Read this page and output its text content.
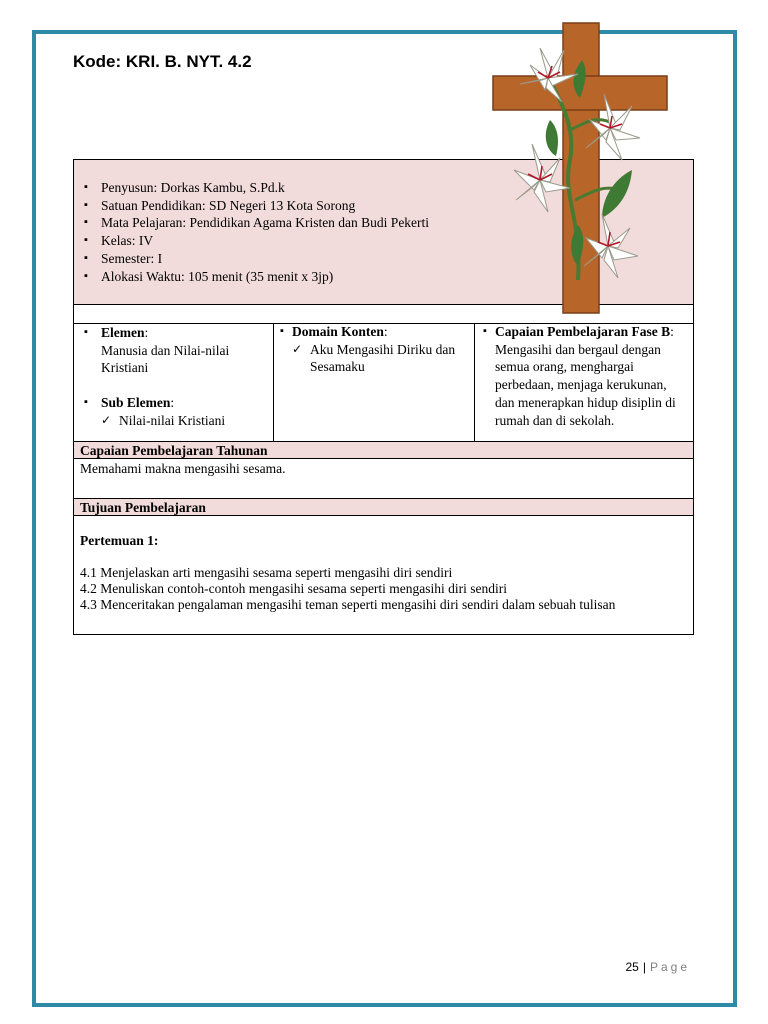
Kode: KRI. B. NYT. 4.2
▪ Penyusun: Dorkas Kambu, S.Pd.k
▪ Satuan Pendidikan: SD Negeri 13 Kota Sorong
▪ Mata Pelajaran: Pendidikan Agama Kristen dan Budi Pekerti
▪ Kelas: IV
▪ Semester: I
▪ Alokasi Waktu: 105 menit (35 menit x 3jp)
▪ Elemen:
Manusia dan Nilai-nilai Kristiani
▪ Sub Elemen:
✓ Nilai-nilai Kristiani
▪ Domain Konten:
✓ Aku Mengasihi Diriku dan Sesamaku
▪ Capaian Pembelajaran Fase B:
Mengasihi dan bergaul dengan semua orang, menghargai perbedaan, menjaga kerukunan, dan menerapkan hidup disiplin di rumah dan di sekolah.
Capaian Pembelajaran Tahunan
Memahami makna mengasihi sesama.
Tujuan Pembelajaran
Pertemuan 1:
4.1 Menjelaskan arti mengasihi sesama seperti mengasihi diri sendiri
4.2 Menuliskan contoh-contoh mengasihi sesama seperti mengasihi diri sendiri
4.3 Menceritakan pengalaman mengasihi teman seperti mengasihi diri sendiri dalam sebuah tulisan
25 | Page
